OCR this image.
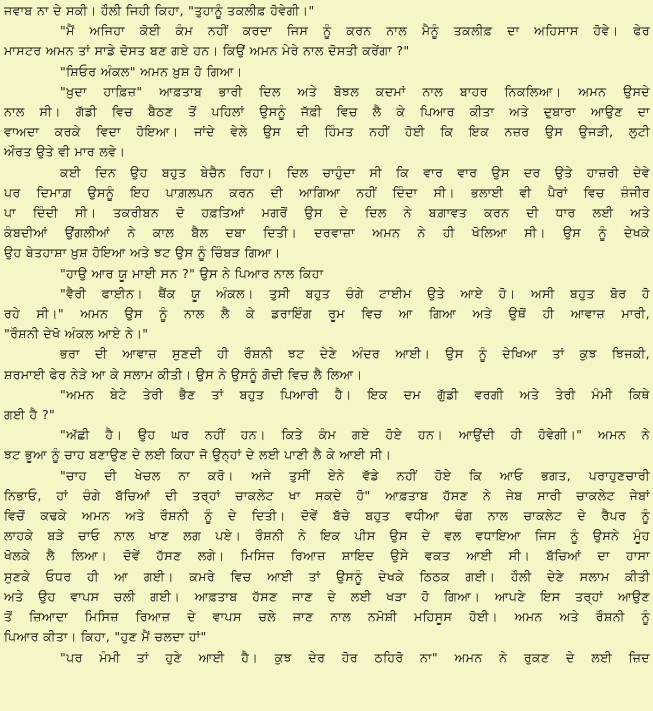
ਜਵਾਬ ਨਾ ਦੇ ਸਕੀ। ਹੌਲੀ ਜਿਹੀ ਕਿਹਾ, "ਤੁਹਾਨੂੰ ਤਕਲੀਫ਼ ਹੋਵੇਗੀ।"
"ਮੈਂ ਅਜਿਹਾ ਕੋਈ ਕੰਮ ਨਹੀਂ ਕਰਦਾ ਜਿਸ ਨੂੰ ਕਰਨ ਨਾਲ ਮੈਨੂੰ ਤਕਲੀਫ਼ ਦਾ ਅਹਿਸਾਸ ਹੋਵੇ। ਫੇਰ
ਮਾਸਟਰ ਅਮਨ ਤਾਂ ਸਾਡੇ ਦੋਸਤ ਬਣ ਗਏ ਹਨ। ਕਿਉਂ ਅਮਨ ਮੇਰੇ ਨਾਲ ਦੋਸਤੀ ਕਰੇਂਗਾ ?"
"ਸ਼ਿਓਰ ਅੰਕਲ" ਅਮਨ ਖ਼ੁਸ਼ ਹੋ ਗਿਆ।
"ਖ਼ੁਦਾ ਹਾਫ਼ਿਜ਼" ਆਫ਼ਤਾਬ ਭਾਰੀ ਦਿਲ ਅਤੇ ਬੋਝਲ ਕਦਮਾਂ ਨਾਲ ਬਾਹਰ ਨਿਕਲਿਆ। ਅਮਨ ਉਸਦੇ
ਨਾਲ ਸੀ। ਗੱਡੀ ਵਿਚ ਬੈਠਣ ਤੋਂ ਪਹਿਲਾਂ ਉਸਨੂੰ ਜੱਫ਼ੀ ਵਿਚ ਲੈ ਕੇ ਪਿਆਰ ਕੀਤਾ ਅਤੇ ਦੁਬਾਰਾ ਆਉਣ ਦਾ
ਵਾਅਦਾ ਕਰਕੇ ਵਿਦਾ ਹੋਇਆ। ਜਾਂਦੇ ਵੇਲੇ ਉਸ ਦੀ ਹਿੰਮਤ ਨਹੀਂ ਹੋਈ ਕਿ ਇਕ ਨਜ਼ਰ ਉਸ ਉਜੜੀ, ਲੁਟੀ
ਔਰਤ ਉਤੇ ਵੀ ਮਾਰ ਲਵੇ।
ਕਈ ਦਿਨ ਉਹ ਬਹੁਤ ਬੇਚੈਨ ਰਿਹਾ। ਦਿਲ ਚਾਹੁੰਦਾ ਸੀ ਕਿ ਵਾਰ ਵਾਰ ਉਸ ਦਰ ਉਤੇ ਹਾਜ਼ਰੀ ਦੇਵੇ
ਪਰ ਦਿਮਾਗ਼ ਉਸਨੂੰ ਇਹ ਪਾਗ਼ਲਪਨ ਕਰਨ ਦੀ ਆਗਿਆ ਨਹੀਂ ਦਿੰਦਾ ਸੀ। ਭਲਾਈ ਵੀ ਪੈਰਾਂ ਵਿਚ ਜ਼ੰਜੀਰ
ਪਾ ਦਿੰਦੀ ਸੀ। ਤਕਰੀਬਨ ਦੋ ਹਫ਼ਤਿਆਂ ਮਗਰੋਂ ਉਸ ਦੇ ਦਿਲ ਨੇ ਬਗ਼ਾਵਤ ਕਰਨ ਦੀ ਧਾਰ ਲਈ ਅਤੇ
ਕੰਬਦੀਆਂ ਉਂਗਲੀਆਂ ਨੇ ਕਾਲ ਬੈਲ ਦਬਾ ਦਿਤੀ। ਦਰਵਾਜ਼ਾ ਅਮਨ ਨੇ ਹੀ ਖੋਲਿਆ ਸੀ। ਉਸ ਨੂੰ ਦੇਖਕੇ
ਉਹ ਬੇਤਹਾਸ਼ਾ ਖ਼ੁਸ਼ ਹੋਇਆ ਅਤੇ ਝਟ ਉਸ ਨੂੰ ਚਿੰਬੜ ਗਿਆ।
"ਹਾਉ ਆਰ ਯੂ ਮਾਈ ਸਨ ?" ਉਸ ਨੇ ਪਿਆਰ ਨਾਲ ਕਿਹਾ
"ਵੈਰੀ ਫਾਈਨ। ਥੈਂਕ ਯੂ ਅੰਕਲ। ਤੁਸੀ ਬਹੁਤ ਚੰਗੇ ਟਾਈਮ ਉਤੇ ਆਏ ਹੋ। ਅਸੀ ਬਹੁਤ ਬੋਰ ਹੋ
ਰਹੇ ਸੀ।" ਅਮਨ ਉਸ ਨੂੰ ਨਾਲ ਲੈ ਕੇ ਡਰਾਇੰਗ ਰੂਮ ਵਿਚ ਆ ਗਿਆ ਅਤੇ ਉਥੋਂ ਹੀ ਆਵਾਜ਼ ਮਾਰੀ,
"ਰੌਸ਼ਨੀ ਦੇਖੋ ਅੰਕਲ ਆਏ ਨੇ।"
ਭਰਾ ਦੀ ਆਵਾਜ਼ ਸੁਣਦੀ ਹੀ ਰੌਸ਼ਨੀ ਝਟ ਦੇਣੇ ਅੰਦਰ ਆਈ। ਉਸ ਨੂੰ ਦੇਖਿਆ ਤਾਂ ਕੁਝ ਝਿਜਕੀ,
ਸ਼ਰਮਾਈ ਫੇਰ ਨੇੜੇ ਆ ਕੇ ਸਲਾਮ ਕੀਤੀ। ਉਸ ਨੇ ਉਸਨੂੰ ਗੋਦੀ ਵਿਚ ਲੈ ਲਿਆ।
"ਅਮਨ ਬੇਟੇ ਤੇਰੀ ਭੈਣ ਤਾਂ ਬਹੁਤ ਪਿਆਰੀ ਹੈ। ਇਕ ਦਮ ਗੁੱਡੀ ਵਰਗੀ ਅਤੇ ਤੇਰੀ ਮੰਮੀ ਕਿਥੇ
ਗਈ ਹੈ ?"
"ਅੱਛੀ ਹੈ। ਉਹ ਘਰ ਨਹੀਂ ਹਨ। ਕਿਤੇ ਕੰਮ ਗਏ ਹੋਏ ਹਨ। ਆਉਂਦੀ ਹੀ ਹੋਵੇਗੀ।" ਅਮਨ ਨੇ
ਝਟ ਭੂਆ ਨੂੰ ਚਾਹ ਬਣਾਉਣ ਦੇ ਲਈ ਕਿਹਾ ਜੋ ਉਨ੍ਹਾਂ ਦੇ ਲਈ ਪਾਣੀ ਲੈ ਕੇ ਆਈ ਸੀ।
"ਚਾਹ ਦੀ ਖੇਚਲ ਨਾ ਕਰੋ। ਅਜੇ ਤੁਸੀਂ ਏਨੇ ਵੱਡੇ ਨਹੀਂ ਹੋਏ ਕਿ ਆਓ ਭਗਤ, ਪਰਾਹੁਣਚਾਰੀ
ਨਿਭਾਓ, ਹਾਂ ਚੰਗੇ ਬੱਚਿਆਂ ਦੀ ਤਰ੍ਹਾਂ ਚਾਕਲੇਟ ਖਾ ਸਕਦੇ ਹੋ" ਆਫ਼ਤਾਬ ਹੱਸਣ ਨੇ ਜੇਬ ਸਾਰੀ ਚਾਕਲੇਟ ਜੇਬਾਂ
ਵਿਚੋਂ ਕਢਕੇ ਅਮਨ ਅਤੇ ਰੌਸ਼ਨੀ ਨੂੰ ਦੇ ਦਿਤੀ। ਦੋਵੇਂ ਬੱਚੇ ਬਹੁਤ ਵਧੀਆ ਢੰਗ ਨਾਲ ਚਾਕਲੇਟ ਦੇ ਰੈਪਰ ਨੂੰ
ਲਾਹਕੇ ਬੜੇ ਚਾਓ ਨਾਲ ਖਾਣ ਲਗ ਪਏ। ਰੌਸ਼ਨੀ ਨੇ ਇਕ ਪੀਸ ਉਸ ਦੇ ਵਲ ਵਧਾਇਆ ਜਿਸ ਨੂੰ ਉਸਨੇ ਮੂੰਹ
ਖੋਲਕੇ ਲੈ ਲਿਆ। ਦੋਵੇਂ ਹੱਸਣ ਲਗੇ। ਮਿਸਿਜ਼ ਰਿਆਜ਼ ਸ਼ਾਇਦ ਉਸੇ ਵਕਤ ਆਈ ਸੀ। ਬੱਚਿਆਂ ਦਾ ਹਾਸਾ
ਸੁਣਕੇ ਓਧਰ ਹੀ ਆ ਗਈ। ਕਮਰੇ ਵਿਚ ਆਈ ਤਾਂ ਉਸਨੂੰ ਦੇਖਕੇ ਠਿਠਕ ਗਈ। ਹੌਲੀ ਦੇਣੇ ਸਲਾਮ ਕੀਤੀ
ਅਤੇ ਉਹ ਵਾਪਸ ਚਲੀ ਗਈ। ਆਫ਼ਤਾਬ ਹੱਸਣ ਜਾਣ ਦੇ ਲਈ ਖੜਾ ਹੋ ਗਿਆ। ਆਪਣੇ ਇਸ ਤਰ੍ਹਾਂ ਆਉਣ
ਤੋਂ ਜ਼ਿਆਦਾ ਮਿਸਿਜ਼ ਰਿਆਜ਼ ਦੇ ਵਾਪਸ ਚਲੇ ਜਾਣ ਨਾਲ ਨਮੋਸ਼ੀ ਮਹਿਸੂਸ ਹੋਈ। ਅਮਨ ਅਤੇ ਰੌਸ਼ਨੀ ਨੂੰ
ਪਿਆਰ ਕੀਤਾ। ਕਿਹਾ, "ਹੁਣ ਮੈਂ ਚਲਦਾ ਹਾਂ"
"ਪਰ ਮੰਮੀ ਤਾਂ ਹੁਣੇ ਆਈ ਹੈ। ਕੁਝ ਦੇਰ ਹੋਰ ਠਹਿਰੋ ਨਾ" ਅਮਨ ਨੇ ਰੁਕਣ ਦੇ ਲਈ ਜ਼ਿਦ
